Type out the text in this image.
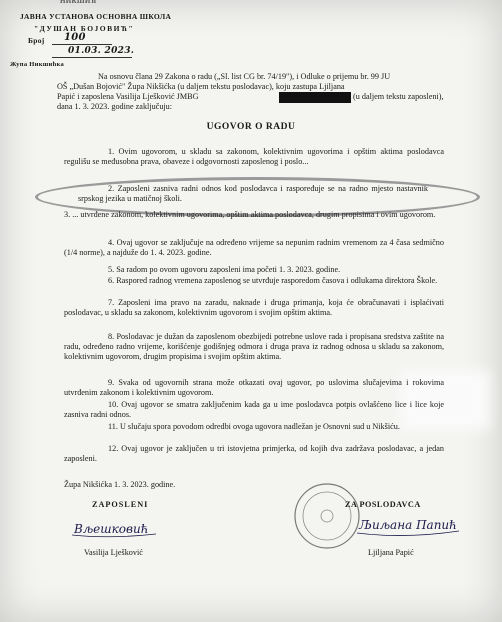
НИКШИЋ
ЈАВНА УСТАНОВА ОСНОВНА ШКОЛА
"ДУШАН БОЈОВИЋ"
Број 100
01.03. 2023.
Жупа Никшићка
Na osnovu člana 29 Zakona o radu („Sl. list CG br. 74/19"), i Odluke o prijemu br. 99 JU
OŠ „Dušan Bojović" Župa Nikšićka (u daljem tekstu poslodavac), koju zastupa Ljiljana
Papić i zaposlena Vasilija Lješković JMBG	(u daljem tekstu zaposleni),
dana 1. 3. 2023. godine zaključuju:
UGOVOR O RADU
1. Ovim ugovorom, u skladu sa zakonom, kolektivnim ugovorima i opštim aktima poslodavca regulišu se međusobna prava, obaveze i odgovornosti zaposlenog i poslo...
2. Zaposleni zasniva radni odnos kod poslodavca i raspoređuje se na radno mjesto nastavnik srpskog jezika u matičnoj školi.
3. ... utvrđene zakonom, kolektivnim ugovorima, opštim aktima poslodavca, drugim propisima i ovim ugovorom.
4. Ovaj ugovor se zaključuje na određeno vrijeme sa nepunim radnim vremenom za 4 časa sedmično (1/4 norme), a najduže do 1. 4. 2023. godine.
5. Sa radom po ovom ugovoru zaposleni ima početi 1. 3. 2023. godine.
6. Raspored radnog vremena zaposlenog se utvrđuje rasporedom časova i odlukama direktora Škole.
7. Zaposleni ima pravo na zaradu, naknade i druga primanja, koja će obračunavati i isplaćivati poslodavac, u skladu sa zakonom, kolektivnim ugovorom i svojim opštim aktima.
8. Poslodavac je dužan da zaposlenom obezbijedi potrebne uslove rada i propisana sredstva zaštite na radu, određeno radno vrijeme, korišćenje godišnjeg odmora i druga prava iz radnog odnosa u skladu sa zakonom, kolektivnim ugovorom, drugim propisima i svojim opštim aktima.
9. Svaka od ugovornih strana može otkazati ovaj ugovor, po uslovima slučajevima i rokovima utvrđenim zakonom i kolektivnim ugovorom.
10. Ovaj ugovor se smatra zaključenim kada ga u ime poslodavca potpis ovlašćeno lice i lice koje zasniva radni odnos.
11. U slučaju spora povodom odredbi ovoga ugovora nadležan je Osnovni sud u Nikšiću.
12. Ovaj ugovor je zaključen u tri istovjetna primjerka, od kojih dva zadržava poslodavac, a jedan zaposleni.
Župa Nikšićka 1. 3. 2023. godine.
ZAPOSLENI
Вљешковић
Vasilija Lješković
ZA POSLODAVCA
Љиљана Папић
Ljiljana Papić
